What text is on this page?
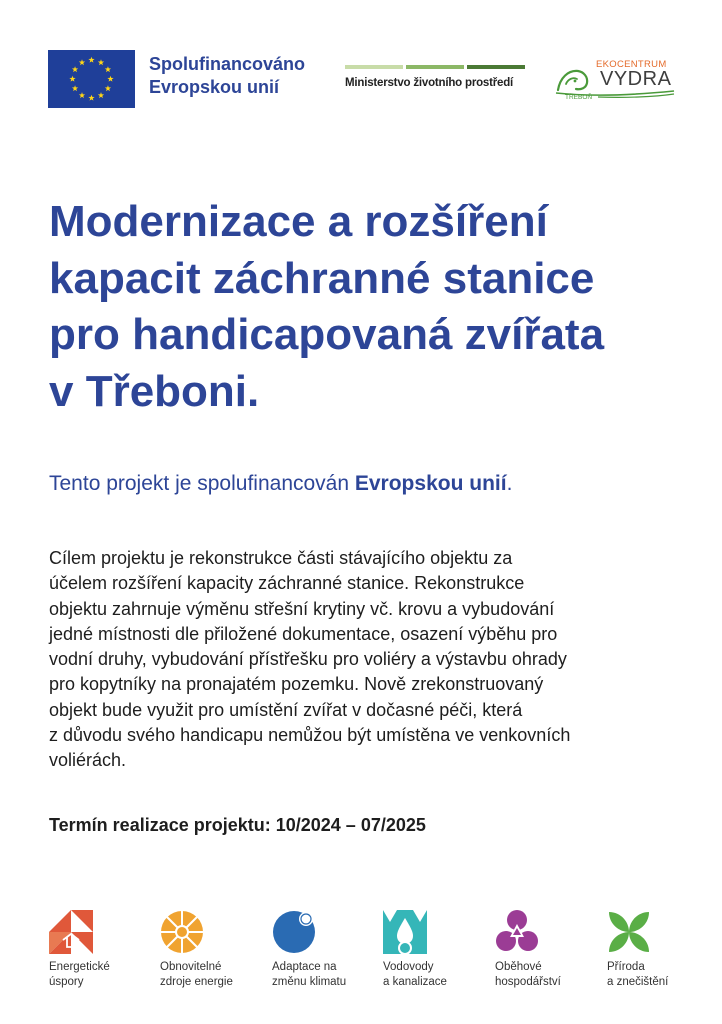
Spolufinancováno
Evropskou unií	Ministerstvo životního prostředí
EKOCENTRUM
VYDRA
TŘEBOŇ
Modernizace a rozšíření
kapacit záchranné stanice
pro handicapovaná zvířata
v Třeboni.

Tento projekt je spolufinancován Evropskou unií.

Cílem projektu je rekonstrukce části stávajícího objektu za
účelem rozšíření kapacity záchranné stanice. Rekonstrukce
objektu zahrnuje výměnu střešní krytiny vč. krovu a vybudování
jedné místnosti dle přiložené dokumentace, osazení výběhu pro
vodní druhy, vybudování přístřešku pro voliéry a výstavbu ohrady
pro kopytníky na pronajatém pozemku. Nově zrekonstruovaný
objekt bude využit pro umístění zvířat v dočasné péči, která
z důvodu svého handicapu nemůžou být umístěna ve venkovních
voliérách.

Termín realizace projektu: 10/2024 – 07/2025

Energetické
úspory
Obnovitelné
zdroje energie
Adaptace na
změnu klimatu
Vodovody
a kanalizace
Oběhové
hospodářství
Příroda
a znečištění
